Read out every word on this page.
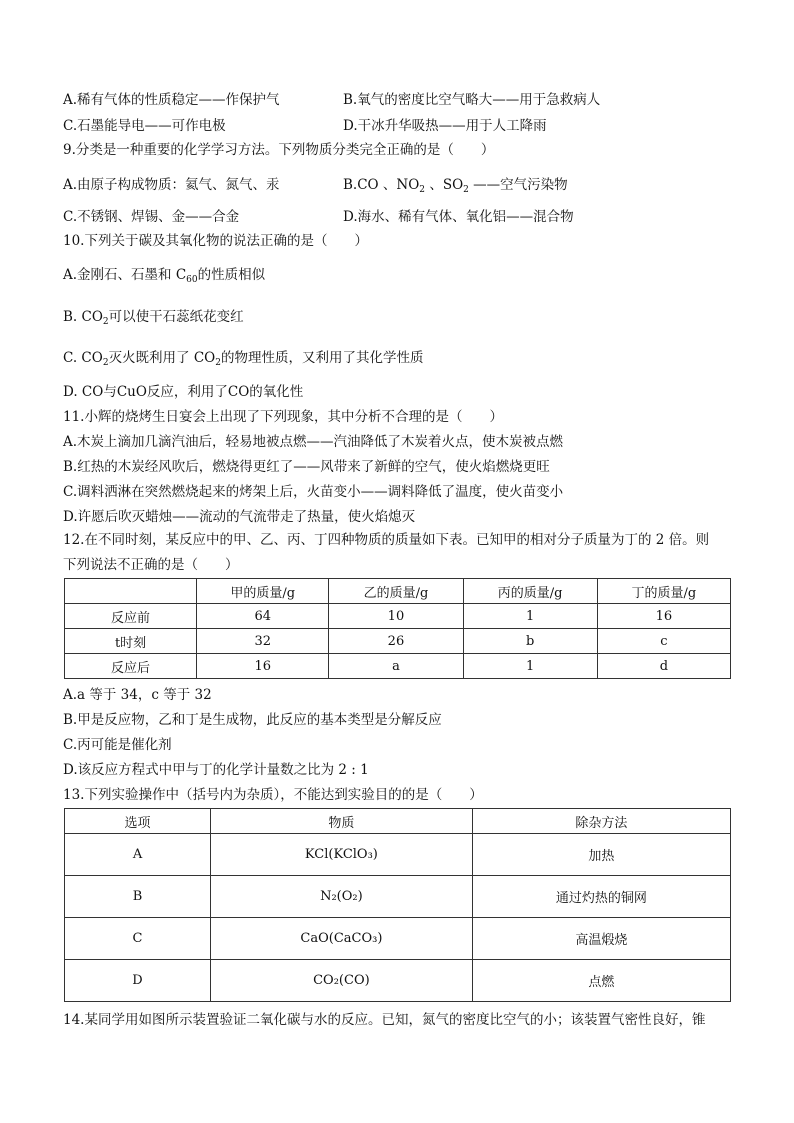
A.稀有气体的性质稳定——作保护气	B.氧气的密度比空气略大——用于急救病人
C.石墨能导电——可作电极	D.干冰升华吸热——用于人工降雨
9.分类是一种重要的化学学习方法。下列物质分类完全正确的是（　　）
A.由原子构成物质：氦气、氮气、汞	B.CO 、$NO_2$ 、$SO_2$ ——空气污染物
C.不锈钢、焊锡、金——合金	D.海水、稀有气体、氧化铝——混合物
10.下列关于碳及其氧化物的说法正确的是（　　）
A.金刚石、石墨和 $C_{60}$的性质相似
B. $CO_2$可以使干石蕊纸花变红
C. $CO_2$灭火既利用了 $CO_2$的物理性质，又利用了其化学性质
D. CO与CuO反应，利用了CO的氧化性
11.小辉的烧烤生日宴会上出现了下列现象，其中分析不合理的是（　　）
A.木炭上滴加几滴汽油后，轻易地被点燃——汽油降低了木炭着火点，使木炭被点燃
B.红热的木炭经风吹后，燃烧得更红了——风带来了新鲜的空气，使火焰燃烧更旺
C.调料洒淋在突然燃烧起来的烤架上后，火苗变小——调料降低了温度，使火苗变小
D.许愿后吹灭蜡烛——流动的气流带走了热量，使火焰熄灭
12.在不同时刻，某反应中的甲、乙、丙、丁四种物质的质量如下表。已知甲的相对分子质量为丁的 2 倍。则
下列说法不正确的是（　　）
	甲的质量/g	乙的质量/g	丙的质量/g	丁的质量/g
反应前	64	10	1	16
t时刻	32	26	b	c
反应后	16	a	1	d
A.a 等于 34，c 等于 32
B.甲是反应物，乙和丁是生成物，此反应的基本类型是分解反应
C.丙可能是催化剂
D.该反应方程式中甲与丁的化学计量数之比为 2 : 1
13.下列实验操作中（括号内为杂质），不能达到实验目的的是（　　）
选项	物质	除杂方法
A	KCl(KClO₃)	加热
B	N₂(O₂)	通过灼热的铜网
C	CaO(CaCO₃)	高温煅烧
D	CO₂(CO)	点燃
14.某同学用如图所示装置验证二氧化碳与水的反应。已知，氮气的密度比空气的小；该装置气密性良好，锥
